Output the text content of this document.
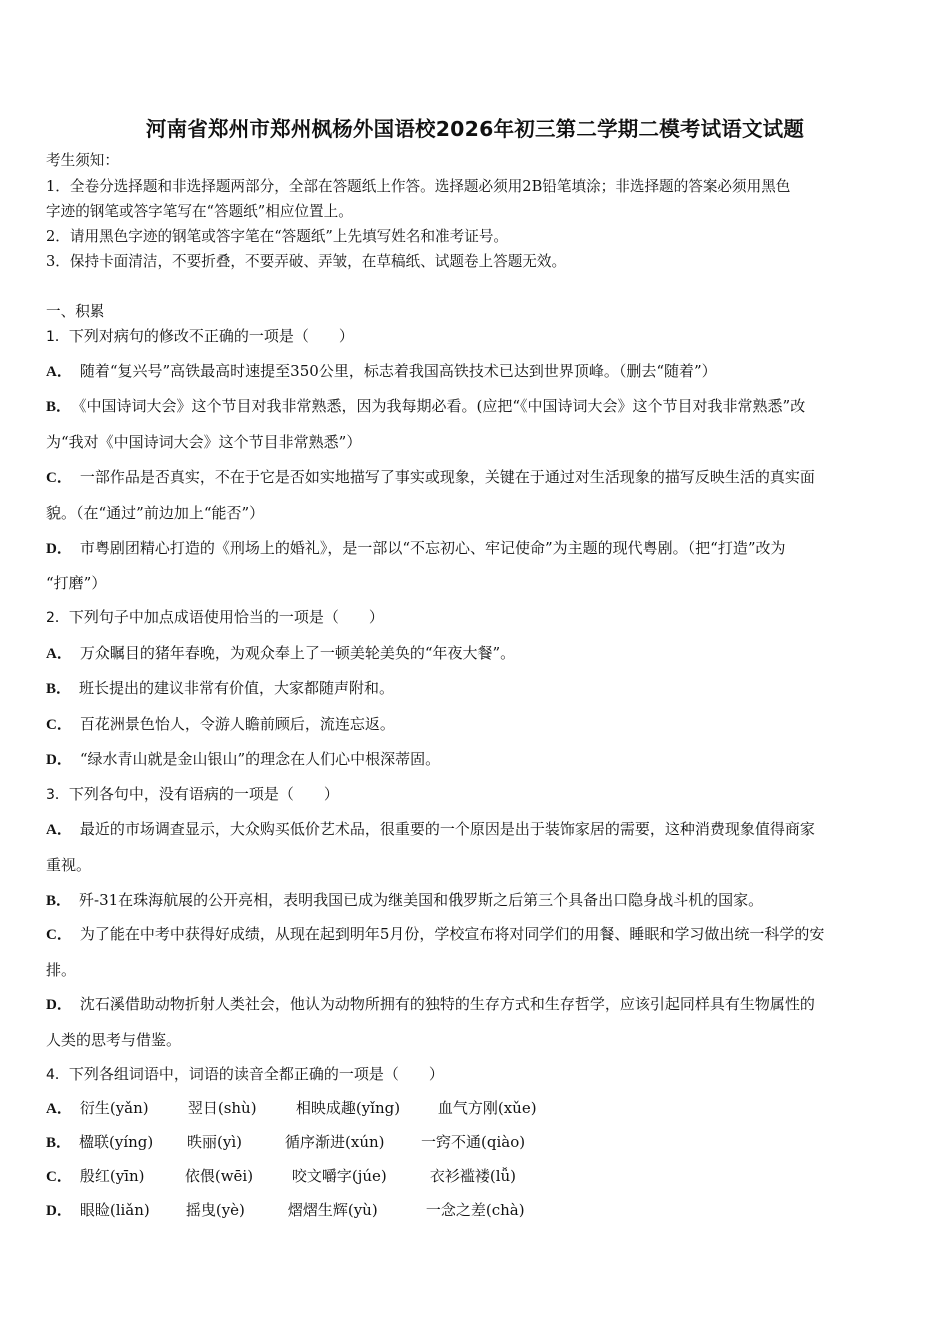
河南省郑州市郑州枫杨外国语校2026年初三第二学期二模考试语文试题
考生须知：
1．全卷分选择题和非选择题两部分，全部在答题纸上作答。选择题必须用2B铅笔填涂；非选择题的答案必须用黑色
字迹的钢笔或答字笔写在“答题纸”相应位置上。
2．请用黑色字迹的钢笔或答字笔在“答题纸”上先填写姓名和准考证号。
3．保持卡面清洁，不要折叠，不要弄破、弄皱，在草稿纸、试题卷上答题无效。
一、积累
1．下列对病句的修改不正确的一项是（　　）
A． 随着“复兴号”高铁最高时速提至350公里，标志着我国高铁技术已达到世界顶峰。（删去“随着”）
B． 《中国诗词大会》这个节目对我非常熟悉，因为我每期必看。(应把“《中国诗词大会》这个节目对我非常熟悉”改
为“我对《中国诗词大会》这个节目非常熟悉”）
C． 一部作品是否真实，不在于它是否如实地描写了事实或现象，关键在于通过对生活现象的描写反映生活的真实面
貌。（在“通过”前边加上“能否”）
D． 市粤剧团精心打造的《刑场上的婚礼》，是一部以“不忘初心、牢记使命”为主题的现代粤剧。（把“打造”改为
“打磨”）
2．下列句子中加点成语使用恰当的一项是（　　）
A． 万众瞩目的猪年春晚，为观众奉上了一顿美轮美奂的“年夜大餐”。
B． 班长提出的建议非常有价值，大家都随声附和。
C． 百花洲景色怡人，令游人瞻前顾后，流连忘返。
D． “绿水青山就是金山银山”的理念在人们心中根深蒂固。
3．下列各句中，没有语病的一项是（　　）
A． 最近的市场调查显示，大众购买低价艺术品，很重要的一个原因是出于装饰家居的需要，这种消费现象值得商家
重视。
B． 歼-31在珠海航展的公开亮相，表明我国已成为继美国和俄罗斯之后第三个具备出口隐身战斗机的国家。
C． 为了能在中考中获得好成绩，从现在起到明年5月份，学校宣布将对同学们的用餐、睡眠和学习做出统一科学的安
排。
D． 沈石溪借助动物折射人类社会，他认为动物所拥有的独特的生存方式和生存哲学，应该引起同样具有生物属性的
人类的思考与借鉴。
4．下列各组词语中，词语的读音全都正确的一项是（　　）
A． 衍生(yǎn)	翌日(shù)	相映成趣(yǐng)	血气方刚(xǔe)
B． 楹联(yíng) 昳丽(yì)	循序渐进(xún) 一窍不通(qiào)
C． 殷红(yīn)	依偎(wēi)	咬文嚼字(júe)	衣衫褴褛(lǚ)
D． 眼睑(liǎn) 摇曳(yè)	熠熠生辉(yù)	一念之差(chà)
